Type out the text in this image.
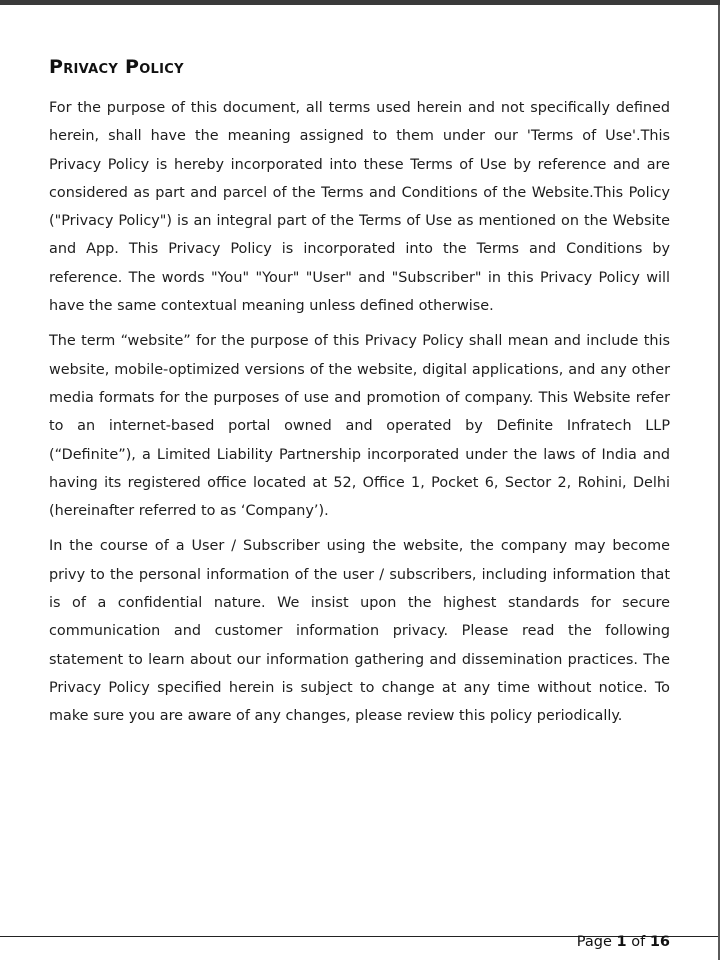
Privacy Policy

For the purpose of this document, all terms used herein and not specifically defined herein, shall have the meaning assigned to them under our 'Terms of Use'.This Privacy Policy is hereby incorporated into these Terms of Use by reference and are considered as part and parcel of the Terms and Conditions of the Website.This Policy ("Privacy Policy") is an integral part of the Terms of Use as mentioned on the Website and App. This Privacy Policy is incorporated into the Terms and Conditions by reference. The words "You" "Your" "User" and "Subscriber" in this Privacy Policy will have the same contextual meaning unless defined otherwise.

The term “website” for the purpose of this Privacy Policy shall mean and include this website, mobile-optimized versions of the website, digital applications, and any other media formats for the purposes of use and promotion of company. This Website refer to an internet-based portal owned and operated by Definite Infratech LLP (“Definite”), a Limited Liability Partnership incorporated under the laws of India and having its registered office located at 52, Office 1, Pocket 6, Sector 2, Rohini, Delhi (hereinafter referred to as ‘Company’).

In the course of a User / Subscriber using the website, the company may become privy to the personal information of the user / subscribers, including information that is of a confidential nature. We insist upon the highest standards for secure communication and customer information privacy. Please read the following statement to learn about our information gathering and dissemination practices. The Privacy Policy specified herein is subject to change at any time without notice. To make sure you are aware of any changes, please review this policy periodically.

Page 1 of 16
